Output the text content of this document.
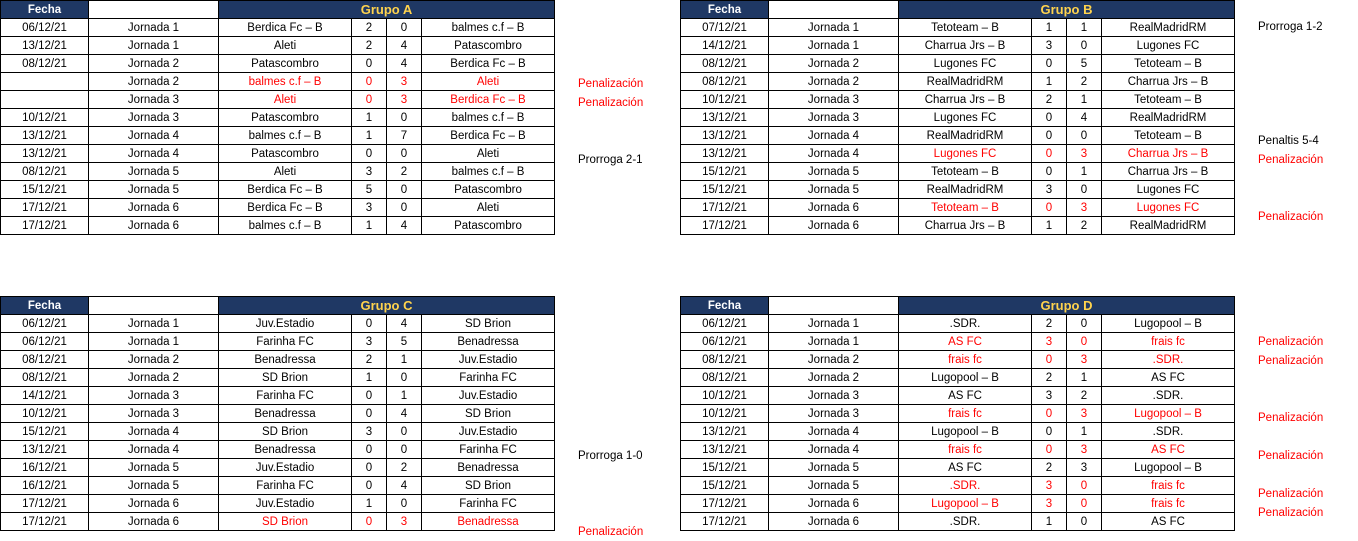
Fecha		Grupo A			
06/12/21	Jornada 1	Berdica Fc – B	2	0	balmes c.f – B
13/12/21	Jornada 1	Aleti	2	4	Patascombro
08/12/21	Jornada 2	Patascombro	0	4	Berdica Fc – B
	Jornada 2	balmes c.f – B	0	3	Aleti
	Jornada 3	Aleti	0	3	Berdica Fc – B
10/12/21	Jornada 3	Patascombro	1	0	balmes c.f – B
13/12/21	Jornada 4	balmes c.f – B	1	7	Berdica Fc – B
13/12/21	Jornada 4	Patascombro	0	0	Aleti
08/12/21	Jornada 5	Aleti	3	2	balmes c.f – B
15/12/21	Jornada 5	Berdica Fc – B	5	0	Patascombro
17/12/21	Jornada 6	Berdica Fc – B	3	0	Aleti
17/12/21	Jornada 6	balmes c.f – B	1	4	Patascombro
Penalización
Penalización
Prorroga 2-1
Fecha		Grupo B			
07/12/21	Jornada 1	Tetoteam – B	1	1	RealMadridRM
14/12/21	Jornada 1	Charrua Jrs – B	3	0	Lugones FC
08/12/21	Jornada 2	Lugones FC	0	5	Tetoteam – B
08/12/21	Jornada 2	RealMadridRM	1	2	Charrua Jrs – B
10/12/21	Jornada 3	Charrua Jrs – B	2	1	Tetoteam – B
13/12/21	Jornada 3	Lugones FC	0	4	RealMadridRM
13/12/21	Jornada 4	RealMadridRM	0	0	Tetoteam – B
13/12/21	Jornada 4	Lugones FC	0	3	Charrua Jrs – B
15/12/21	Jornada 5	Tetoteam – B	0	1	Charrua Jrs – B
15/12/21	Jornada 5	RealMadridRM	3	0	Lugones FC
17/12/21	Jornada 6	Tetoteam – B	0	3	Lugones FC
17/12/21	Jornada 6	Charrua Jrs – B	1	2	RealMadridRM
Prorroga 1-2
Penaltis 5-4
Penalización
Penalización
Fecha		Grupo C			
06/12/21	Jornada 1	Juv.Estadio	0	4	SD Brion
06/12/21	Jornada 1	Farinha FC	3	5	Benadressa
08/12/21	Jornada 2	Benadressa	2	1	Juv.Estadio
08/12/21	Jornada 2	SD Brion	1	0	Farinha FC
14/12/21	Jornada 3	Farinha FC	0	1	Juv.Estadio
10/12/21	Jornada 3	Benadressa	0	4	SD Brion
15/12/21	Jornada 4	SD Brion	3	0	Juv.Estadio
13/12/21	Jornada 4	Benadressa	0	0	Farinha FC
16/12/21	Jornada 5	Juv.Estadio	0	2	Benadressa
16/12/21	Jornada 5	Farinha FC	0	4	SD Brion
17/12/21	Jornada 6	Juv.Estadio	1	0	Farinha FC
17/12/21	Jornada 6	SD Brion	0	3	Benadressa
Prorroga 1-0
Penalización
Fecha		Grupo D			
06/12/21	Jornada 1	.SDR.	2	0	Lugopool – B
06/12/21	Jornada 1	AS FC	3	0	frais fc
08/12/21	Jornada 2	frais fc	0	3	.SDR.
08/12/21	Jornada 2	Lugopool – B	2	1	AS FC
10/12/21	Jornada 3	AS FC	3	2	.SDR.
10/12/21	Jornada 3	frais fc	0	3	Lugopool – B
13/12/21	Jornada 4	Lugopool – B	0	1	.SDR.
13/12/21	Jornada 4	frais fc	0	3	AS FC
15/12/21	Jornada 5	AS FC	2	3	Lugopool – B
15/12/21	Jornada 5	.SDR.	3	0	frais fc
17/12/21	Jornada 6	Lugopool – B	3	0	frais fc
17/12/21	Jornada 6	.SDR.	1	0	AS FC
Penalización
Penalización
Penalización
Penalización
Penalización
Penalización
